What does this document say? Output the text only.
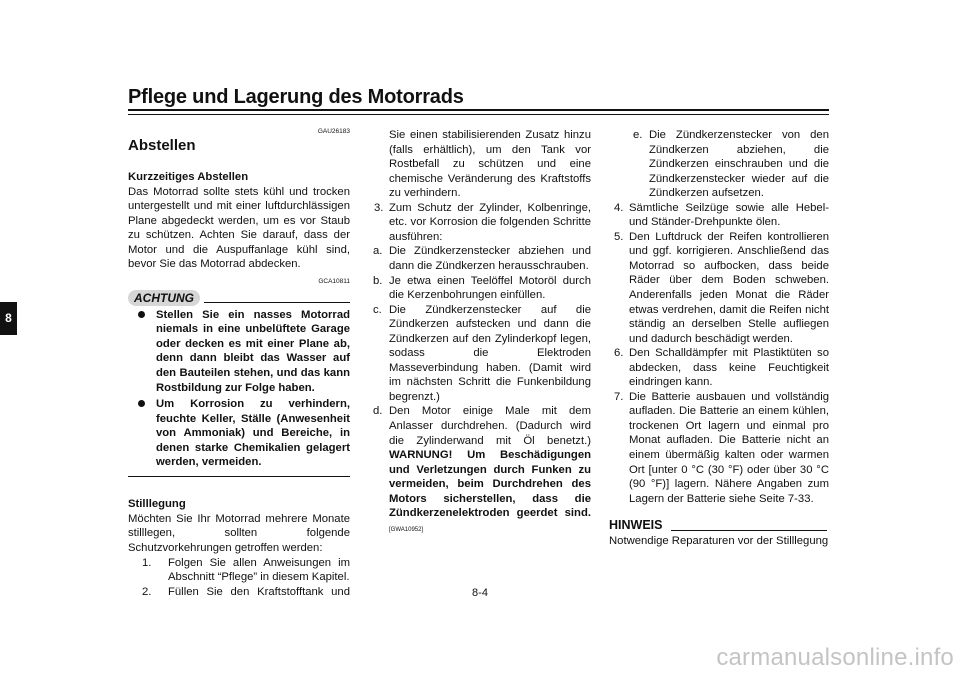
Pflege und Lagerung des Motorrads
8
GAU26183
Abstellen
Kurzzeitiges Abstellen
Das Motorrad sollte stets kühl und trocken untergestellt und mit einer luftdurchlässigen Plane abgedeckt werden, um es vor Staub zu schützen. Achten Sie darauf, dass der Motor und die Auspuffanlage kühl sind, bevor Sie das Motorrad abdecken.
GCA10811
ACHTUNG
Stellen Sie ein nasses Motorrad niemals in eine unbelüftete Garage oder decken es mit einer Plane ab, denn dann bleibt das Wasser auf den Bauteilen stehen, und das kann Rostbildung zur Folge haben.
Um Korrosion zu verhindern, feuchte Keller, Ställe (Anwesenheit von Ammoniak) und Bereiche, in denen starke Chemikalien gelagert werden, vermeiden.
Stilllegung
Möchten Sie Ihr Motorrad mehrere Monate stilllegen, sollten folgende Schutzvorkehrungen getroffen werden:
1. Folgen Sie allen Anweisungen im Abschnitt “Pflege” in diesem Kapitel.
2. Füllen Sie den Kraftstofftank und
Sie einen stabilisierenden Zusatz hinzu (falls erhältlich), um den Tank vor Rostbefall zu schützen und eine chemische Veränderung des Kraftstoffs zu verhindern.
3. Zum Schutz der Zylinder, Kolbenringe, etc. vor Korrosion die folgenden Schritte ausführen:
a. Die Zündkerzenstecker abziehen und dann die Zündkerzen herausschrauben.
b. Je etwa einen Teelöffel Motoröl durch die Kerzenbohrungen einfüllen.
c. Die Zündkerzenstecker auf die Zündkerzen aufstecken und dann die Zündkerzen auf den Zylinderkopf legen, sodass die Elektroden Masseverbindung haben. (Damit wird im nächsten Schritt die Funkenbildung begrenzt.)
d. Den Motor einige Male mit dem Anlasser durchdrehen. (Dadurch wird die Zylinderwand mit Öl benetzt.) WARNUNG! Um Beschädigungen und Verletzungen durch Funken zu vermeiden, beim Durchdrehen des Motors sicherstellen, dass die Zündkerzenelektroden geerdet sind.[GWA10952]
e. Die Zündkerzenstecker von den Zündkerzen abziehen, die Zündkerzen einschrauben und die Zündkerzenstecker wieder auf die Zündkerzen aufsetzen.
4. Sämtliche Seilzüge sowie alle Hebel- und Ständer-Drehpunkte ölen.
5. Den Luftdruck der Reifen kontrollieren und ggf. korrigieren. Anschließend das Motorrad so aufbocken, dass beide Räder über dem Boden schweben. Anderenfalls jeden Monat die Räder etwas verdrehen, damit die Reifen nicht ständig an derselben Stelle aufliegen und dadurch beschädigt werden.
6. Den Schalldämpfer mit Plastiktüten so abdecken, dass keine Feuchtigkeit eindringen kann.
7. Die Batterie ausbauen und vollständig aufladen. Die Batterie an einem kühlen, trockenen Ort lagern und einmal pro Monat aufladen. Die Batterie nicht an einem übermäßig kalten oder warmen Ort [unter 0 °C (30 °F) oder über 30 °C (90 °F)] lagern. Nähere Angaben zum Lagern der Batterie siehe Seite 7-33.
HINWEIS
Notwendige Reparaturen vor der Stilllegung
8-4
carmanualsonline.info
